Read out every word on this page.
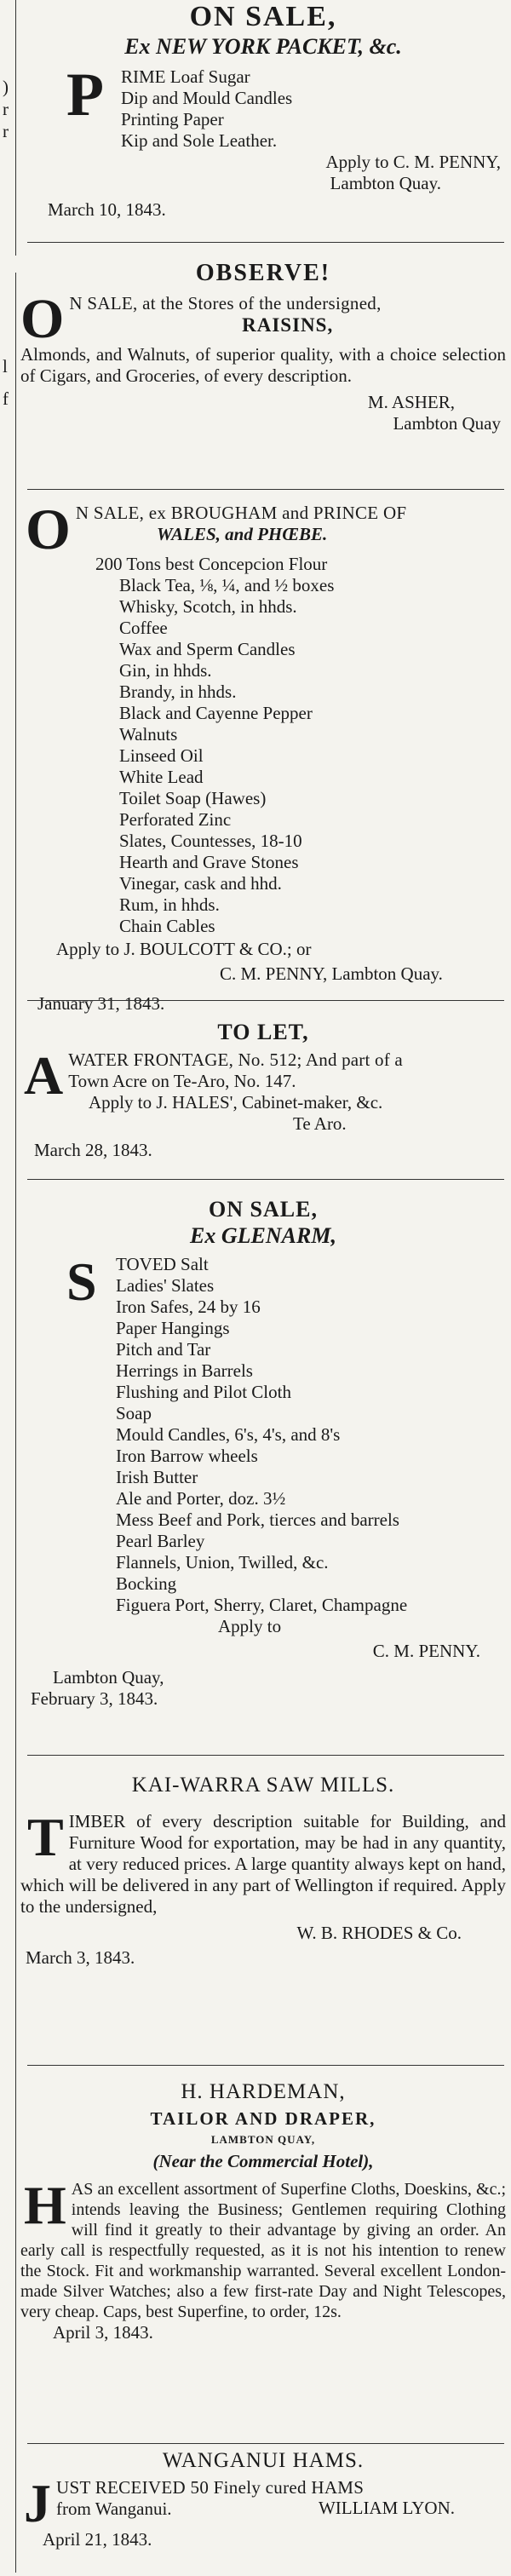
)
r
r
l
f
ON SALE,
Ex NEW YORK PACKET, &c.
P RIME Loaf Sugar
Dip and Mould Candles
Printing Paper
Kip and Sole Leather.
Apply to C. M. PENNY,
Lambton Quay.
March 10, 1843.
OBSERVE!
O N SALE, at the Stores of the undersigned,
RAISINS,
Almonds, and Walnuts, of superior quality, with a choice selection of Cigars, and Groceries, of every description.
M. ASHER,
Lambton Quay
O N SALE, ex BROUGHAM and PRINCE OF
WALES, and PHŒBE.
200 Tons best Concepcion Flour
Black Tea, ⅛, ¼, and ½ boxes
Whisky, Scotch, in hhds.
Coffee
Wax and Sperm Candles
Gin, in hhds.
Brandy, in hhds.
Black and Cayenne Pepper
Walnuts
Linseed Oil
White Lead
Toilet Soap (Hawes)
Perforated Zinc
Slates, Countesses, 18-10
Hearth and Grave Stones
Vinegar, cask and hhd.
Rum, in hhds.
Chain Cables
Apply to J. BOULCOTT & CO.; or
C. M. PENNY, Lambton Quay.
January 31, 1843.
TO LET,
A WATER FRONTAGE, No. 512; And part of a
Town Acre on Te-Aro, No. 147.
Apply to J. HALES', Cabinet-maker, &c.
Te Aro.
March 28, 1843.
ON SALE,
Ex GLENARM,
S TOVED Salt
Ladies' Slates
Iron Safes, 24 by 16
Paper Hangings
Pitch and Tar
Herrings in Barrels
Flushing and Pilot Cloth
Soap
Mould Candles, 6's, 4's, and 8's
Iron Barrow wheels
Irish Butter
Ale and Porter, doz. 3½
Mess Beef and Pork, tierces and barrels
Pearl Barley
Flannels, Union, Twilled, &c.
Bocking
Figuera Port, Sherry, Claret, Champagne
Apply to
C. M. PENNY.
Lambton Quay,
February 3, 1843.
KAI-WARRA SAW MILLS.
T IMBER of every description suitable for Building, and Furniture Wood for exportation, may be had in any quantity, at very reduced prices. A large quantity always kept on hand, which will be delivered in any part of Wellington if required. Apply to the undersigned,
W. B. RHODES & Co.
March 3, 1843.
H. HARDEMAN,
TAILOR AND DRAPER,
LAMBTON QUAY,
(Near the Commercial Hotel),
H AS an excellent assortment of Superfine Cloths, Doeskins, &c.; intends leaving the Business; Gentlemen requiring Clothing will find it greatly to their advantage by giving an order. An early call is respectfully requested, as it is not his intention to renew the Stock. Fit and workmanship warranted. Several excellent London-made Silver Watches; also a few first-rate Day and Night Telescopes, very cheap. Caps, best Superfine, to order, 12s.
April 3, 1843.
WANGANUI HAMS.
J UST RECEIVED 50 Finely cured HAMS
from Wanganui.	WILLIAM LYON.
April 21, 1843.
